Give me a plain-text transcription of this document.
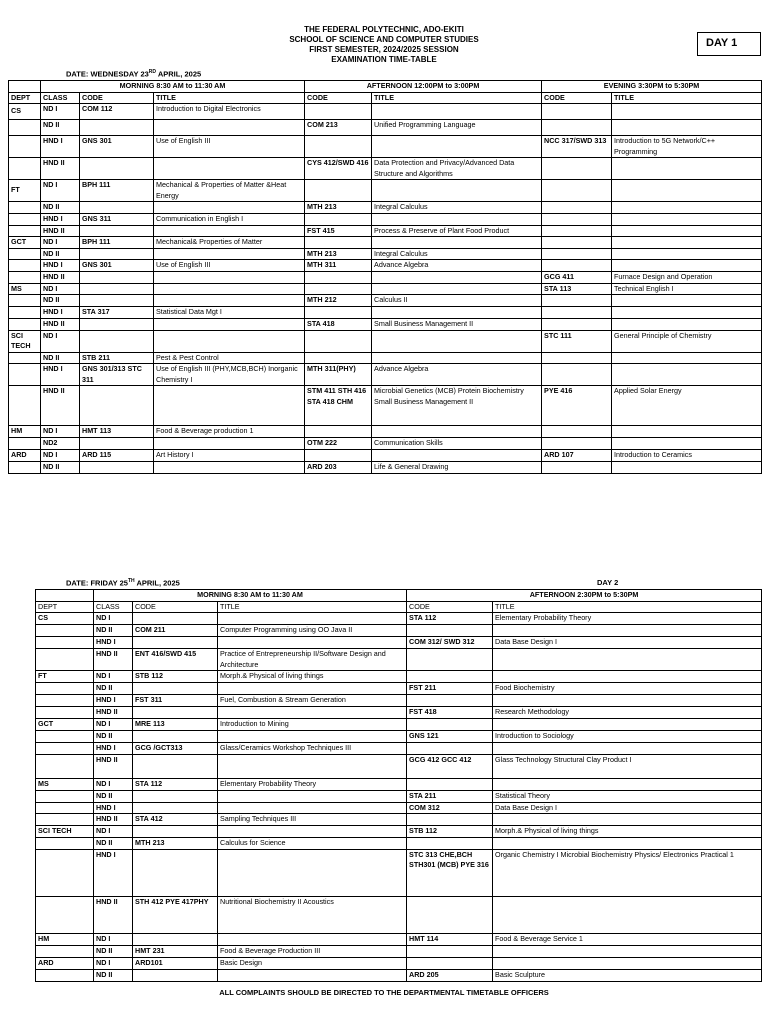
THE FEDERAL POLYTECHNIC, ADO-EKITI
SCHOOL OF SCIENCE AND COMPUTER STUDIES
FIRST SEMESTER, 2024/2025 SESSION
EXAMINATION TIME-TABLE
DAY 1
DATE: WEDNESDAY 23RD APRIL, 2025
	MORNING 8:30 AM to 11:30 AM			AFTERNOON 12:00PM to 3:00PM		EVENING 3:30PM to 5:30PM	
DEPT	CLASS	CODE	TITLE	CODE	TITLE	CODE	TITLE
CS	ND I	COM 112	Introduction to Digital Electronics				
	ND II			COM 213	Unified Programming Language		
	HND I	GNS 301	Use of English III			NCC 317/SWD 313	Introduction to 5G Network/C++ Programming
	HND II			CYS 412/SWD 416	Data Protection and Privacy/Advanced Data Structure and Algorithms		
FT	ND I	BPH 111	Mechanical & Properties of Matter &Heat Energy				
	ND II			MTH 213	Integral Calculus		
	HND I	GNS 311	Communication in English I				
	HND II			FST 415	Process & Preserve of Plant Food Product		
GCT	ND I	BPH 111	Mechanical& Properties of Matter				
	ND II			MTH 213	Integral Calculus		
	HND I	GNS 301	Use of English III	MTH 311	Advance Algebra		
	HND II					GCG 411	Furnace Design and Operation
MS	ND I					STA 113	Technical English I
	ND II			MTH 212	Calculus II		
	HND I	STA 317	Statistical Data Mgt I				
	HND II			STA 418	Small Business Management II		
SCI TECH	ND I					STC 111	General Principle of Chemistry
	ND II	STB 211	Pest & Pest Control				
	HND I	GNS 301/313 STC 311	Use of English III (PHY,MCB,BCH) Inorganic Chemistry I	MTH 311(PHY)	Advance Algebra		
	HND II			STM 411 STH 416 STA 418 CHM	Microbial Genetics (MCB) Protein Biochemistry Small Business Management II	PYE 416	Applied Solar Energy
HM	ND I	HMT 113	Food & Beverage production 1				
	ND2			OTM 222	Communication Skills		
ARD	ND I	ARD 115	Art History I			ARD 107	Introduction to Ceramics
	ND II			ARD 203	Life & General Drawing		
DATE: FRIDAY 25TH APRIL, 2025	DAY 2
	MORNING 8:30 AM to 11:30 AM			AFTERNOON 2:30PM to 5:30PM	
DEPT	CLASS	CODE	TITLE	CODE	TITLE
CS	ND I			STA 112	Elementary Probability Theory
	ND II	COM 211	Computer Programming using OO Java II		
	HND I			COM 312/ SWD 312	Data Base Design I
	HND II	ENT 416/SWD 415	Practice of Entrepreneurship II/Software Design and Architecture		
FT	ND I	STB 112	Morph.& Physical of living things		
	ND II			FST 211	Food Biochemistry
	HND I	FST 311	Fuel, Combustion & Stream Generation		
	HND II			FST 418	Research Methodology
GCT	ND I	MRE 113	Introduction to Mining		
	ND II			GNS 121	Introduction to Sociology
	HND I	GCG /GCT313	Glass/Ceramics Workshop Techniques III		
	HND II			GCG 412 GCC 412	Glass Technology Structural Clay Product I
MS	ND I	STA 112	Elementary Probability Theory		
	ND II			STA 211	Statistical Theory
	HND I			COM 312	Data Base Design I
	HND II	STA 412	Sampling Techniques III		
SCI TECH	ND I			STB 112	Morph.& Physical of living things
	ND II	MTH 213	Calculus for Science		
	HND I			STC 313 CHE,BCH STH301 (MCB) PYE 316	Organic Chemistry I Microbial Biochemistry Physics/ Electronics Practical 1
	HND II	STH 412 PYE 417PHY	Nutritional Biochemistry II Acoustics		
HM	ND I			HMT 114	Food & Beverage Service 1
	ND II	HMT 231	Food & Beverage Production III		
ARD	ND I	ARD101	Basic Design		
	ND II			ARD 205	Basic Sculpture
ALL COMPLAINTS SHOULD BE DIRECTED TO THE DEPARTMENTAL TIMETABLE OFFICERS
